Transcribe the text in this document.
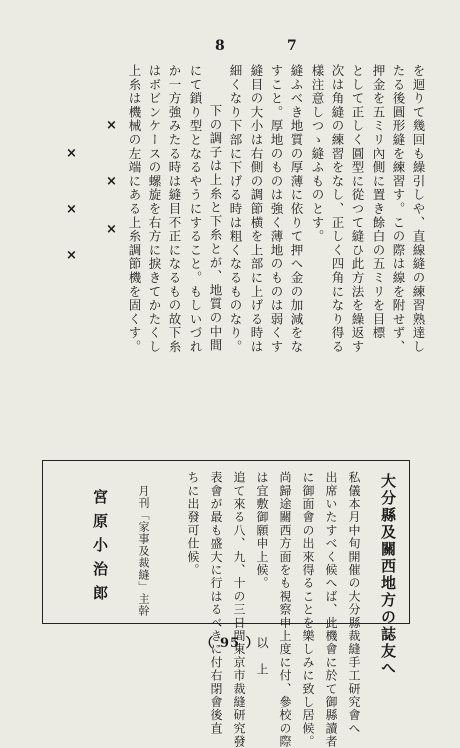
8	7
を迴りて幾回も繰引しや、直線縫の練習熟達し
たる後圓形縫を練習す。この際は線を附せず、
押金を五ミリ內側に置き餘白の五ミリを目標
として正しく圓型に從つて縫ひ此方法を繰返す
次は角縫の練習をなし、正しく四角になり得る
樣注意しつゝ縫ふものとす。
縫ふべき地質の厚薄に依りて押へ金の加減をな
すこと。厚地のものは強く薄地のものは弱くす
縫目の大小は右側の調節横を上部に上げる時は
細くなり下部に下げる時は粗くなるものなり。
下の調子は上糸と下糸とが、地質の中間
にて鎖り型となるやうにすること。もしいづれ
か一方強みたる時は縫目不正になるもの故下糸
はボビンケースの螺旋を右方に捩きてかたくし
上糸は機械の左端にある上糸調節機を固くす。
×
×
×
×
×
×
大分縣及關西地方の誌友へ
私儀本月中旬開催の大分縣裁縫手工研究會へ
出席いたすべく候へば、此機會に於て御縣讀者
に御面會の出來得ることを樂しみに致し居候。
尚歸途關西方面をも視察申上度に付、參校の際
は宜敷御願申上候。　　　　以　上
追て來る八、九、十の三日間東京市裁縫研究發
表會が最も盛大に行はるべきに付右閉會後直
ちに出發可仕候。
月刊「家事及裁縫」主幹
宮原小治郎
（ 95 ）
